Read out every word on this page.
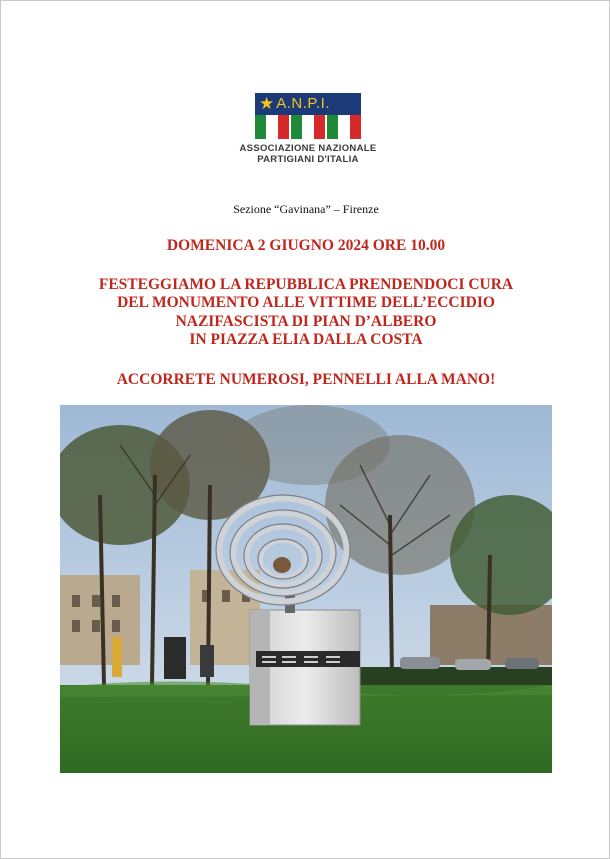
★ A.N.P.I.
ASSOCIAZIONE NAZIONALE
PARTIGIANI D'ITALIA
Sezione “Gavinana” – Firenze
DOMENICA 2 GIUGNO 2024 ORE 10.00
FESTEGGIAMO LA REPUBBLICA PRENDENDOCI CURA
DEL MONUMENTO ALLE VITTIME DELL’ECCIDIO
NAZIFASCISTA DI PIAN D’ALBERO
IN PIAZZA ELIA DALLA COSTA
ACCORRETE NUMEROSI, PENNELLI ALLA MANO!
